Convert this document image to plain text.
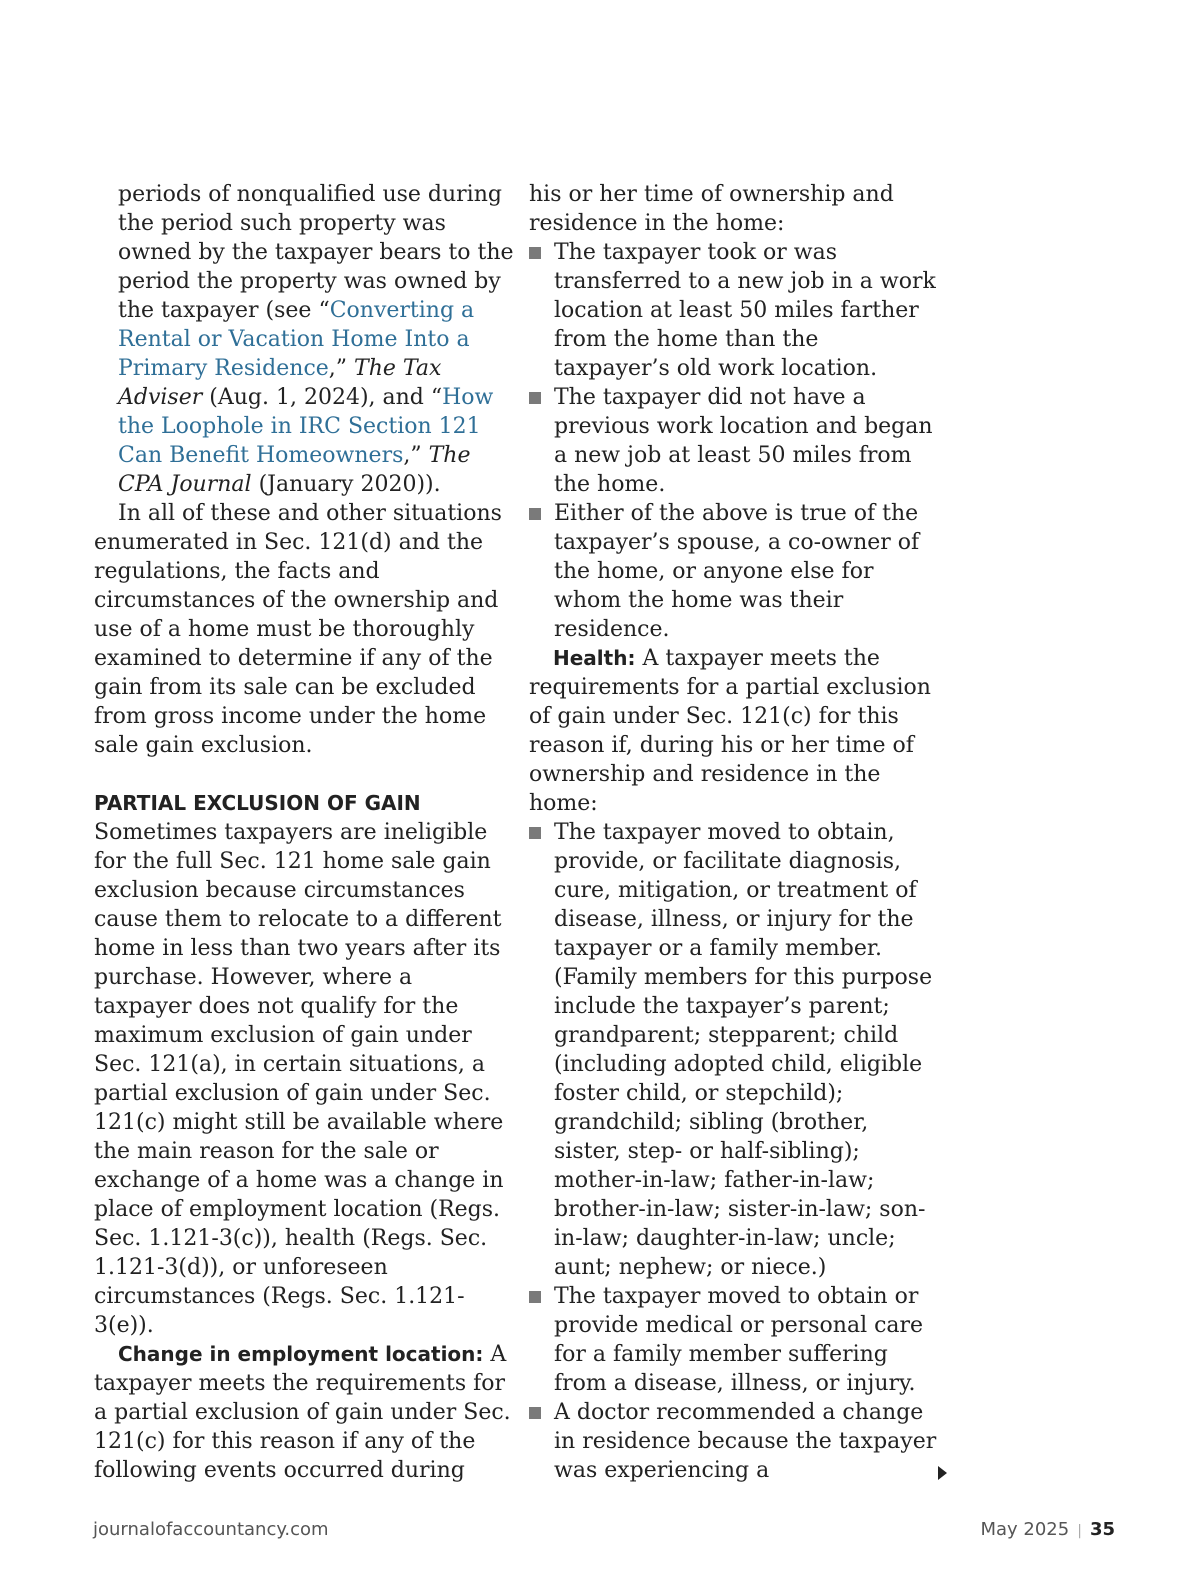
periods of nonqualified use during the period such property was owned by the taxpayer bears to the period the property was owned by the taxpayer (see “Converting a Rental or Vacation Home Into a Primary Residence,” The Tax Adviser (Aug. 1, 2024), and “How the Loophole in IRC Section 121 Can Benefit Homeowners,” The CPA Journal (January 2020)).

In all of these and other situations enumerated in Sec. 121(d) and the regulations, the facts and circumstances of the ownership and use of a home must be thoroughly examined to determine if any of the gain from its sale can be excluded from gross income under the home sale gain exclusion.

PARTIAL EXCLUSION OF GAIN

Sometimes taxpayers are ineligible for the full Sec. 121 home sale gain exclusion because circumstances cause them to relocate to a different home in less than two years after its purchase. However, where a taxpayer does not qualify for the maximum exclusion of gain under Sec. 121(a), in certain situations, a partial exclusion of gain under Sec. 121(c) might still be available where the main reason for the sale or exchange of a home was a change in place of employment location (Regs. Sec. 1.121-3(c)), health (Regs. Sec. 1.121-3(d)), or unforeseen circumstances (Regs. Sec. 1.121-3(e)).

Change in employment location: A taxpayer meets the requirements for a partial exclusion of gain under Sec. 121(c) for this reason if any of the following events occurred during

his or her time of ownership and residence in the home:

The taxpayer took or was transferred to a new job in a work location at least 50 miles farther from the home than the taxpayer’s old work location.
The taxpayer did not have a previous work location and began a new job at least 50 miles from the home.
Either of the above is true of the taxpayer’s spouse, a co-owner of the home, or anyone else for whom the home was their residence.

Health: A taxpayer meets the requirements for a partial exclusion of gain under Sec. 121(c) for this reason if, during his or her time of ownership and residence in the home:

The taxpayer moved to obtain, provide, or facilitate diagnosis, cure, mitigation, or treatment of disease, illness, or injury for the taxpayer or a family member. (Family members for this purpose include the taxpayer’s parent; grandparent; stepparent; child (including adopted child, eligible foster child, or stepchild); grandchild; sibling (brother, sister, step- or half-sibling); mother-in-law; father-in-law; brother-in-law; sister-in-law; son-in-law; daughter-in-law; uncle; aunt; nephew; or niece.)
The taxpayer moved to obtain or provide medical or personal care for a family member suffering from a disease, illness, or injury.
A doctor recommended a change in residence because the taxpayer was experiencing a
journalofaccountancy.com	May 2025 | 35
